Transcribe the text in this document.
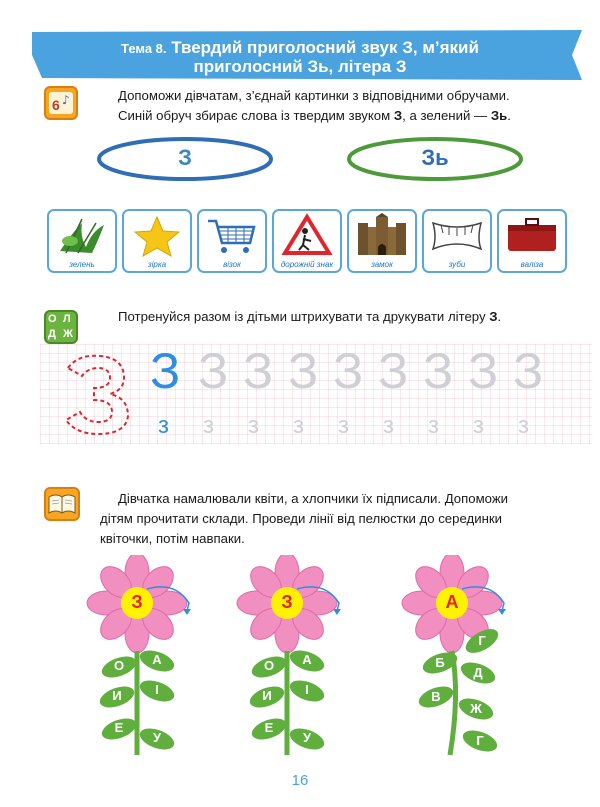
Тема 8. Твердий приголосний звук З, м’який
приголосний Зь, літера З
6 ♪	Допоможи дівчатам, з’єднай картинки з відповідними обручами.
Синій обруч збирає слова із твердим звуком З, а зелений — Зь.
З	Зь
зелень	зірка	візок	дорожній знак	замок	зуби	валіза
О Л
Д Ж
Потренуйся разом із дітьми штрихувати та друкувати літеру З.
З З З З З З З З З
з з з з з з з з з
Дівчатка намалювали квіти, а хлопчики їх підписали. Допоможи
дітям прочитати склади. Проведи лінії від пелюстки до серединки
квіточки, потім навпаки.
З
О А
И	І
Е
У
З
О А
И	І
Е
У
А
Г
Б
Д
В
Ж
Г
16
